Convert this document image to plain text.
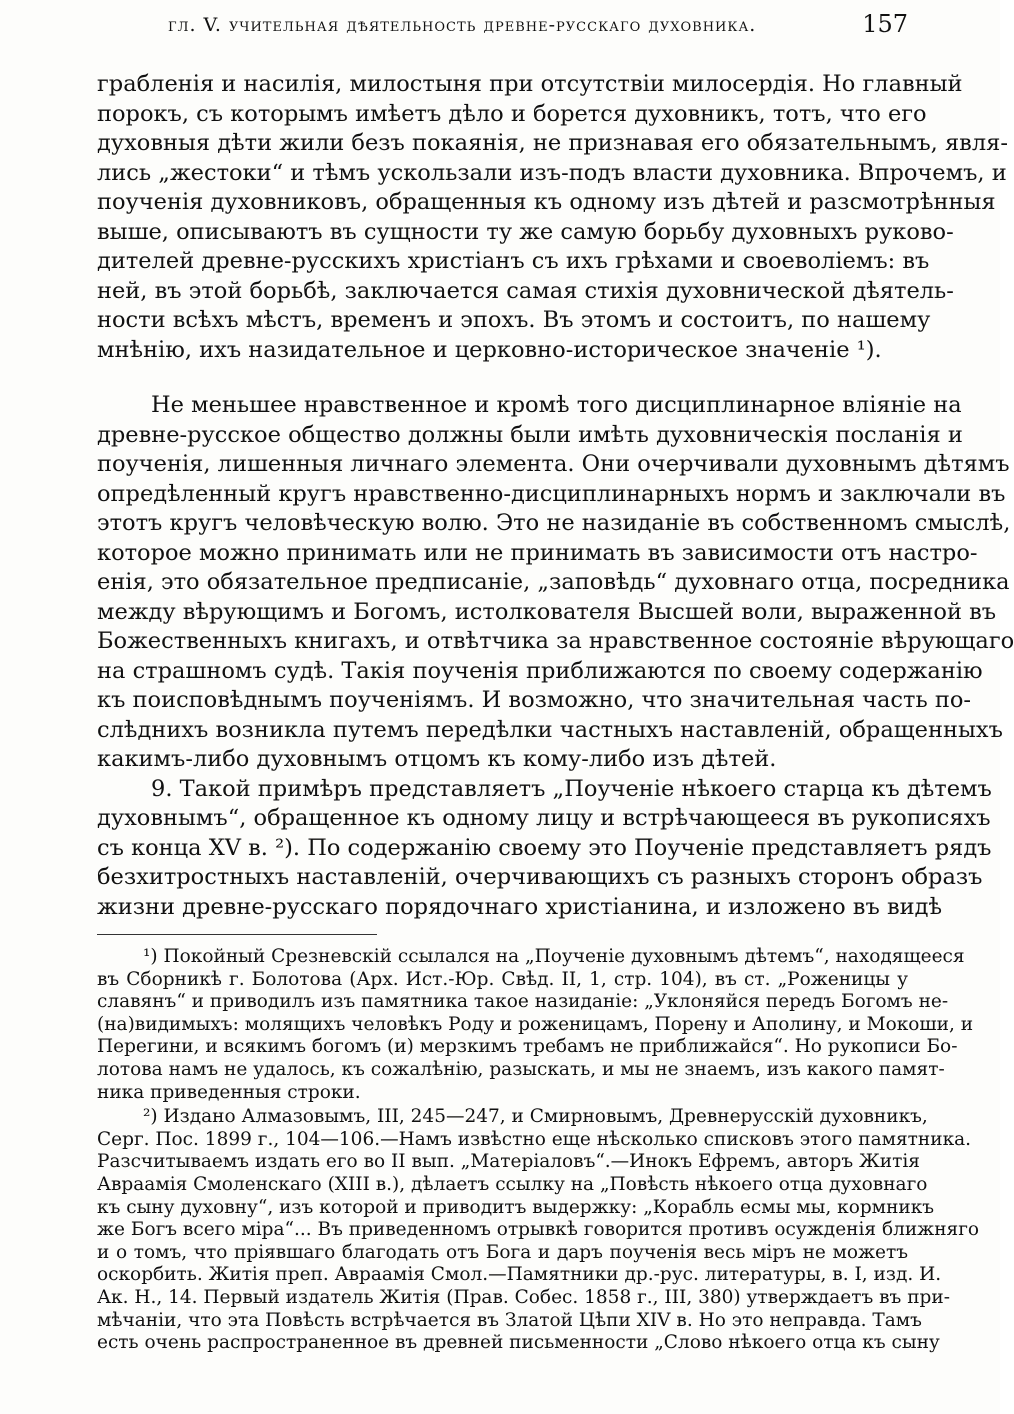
гл. V. учительная дѣятельность древне-русскаго духовника.	157
грабленія и насилія, милостыня при отсутствіи милосердія. Но главный
порокъ, съ которымъ имѣетъ дѣло и борется духовникъ, тотъ, что его
духовныя дѣти жили безъ покаянія, не признавая его обязательнымъ, явля-
лись „жестоки“ и тѣмъ ускользали изъ-подъ власти духовника. Впрочемъ, и
поученія духовниковъ, обращенныя къ одному изъ дѣтей и разсмотрѣнныя
выше, описываютъ въ сущности ту же самую борьбу духовныхъ руково-
дителей древне-русскихъ христіанъ съ ихъ грѣхами и своеволіемъ: въ
ней, въ этой борьбѣ, заключается самая стихія духовнической дѣятель-
ности всѣхъ мѣстъ, временъ и эпохъ. Въ этомъ и состоитъ, по нашему
мнѣнію, ихъ назидательное и церковно-историческое значеніе ¹).
Не меньшее нравственное и кромѣ того дисциплинарное вліяніе на
древне-русское общество должны были имѣть духовническія посланія и
поученія, лишенныя личнаго элемента. Они очерчивали духовнымъ дѣтямъ
опредѣленный кругъ нравственно-дисциплинарныхъ нормъ и заключали въ
этотъ кругъ человѣческую волю. Это не назиданіе въ собственномъ смыслѣ,
которое можно принимать или не принимать въ зависимости отъ настро-
енія, это обязательное предписаніе, „заповѣдь“ духовнаго отца, посредника
между вѣрующимъ и Богомъ, истолкователя Высшей воли, выраженной въ
Божественныхъ книгахъ, и отвѣтчика за нравственное состояніе вѣрующаго
на страшномъ судѣ. Такія поученія приближаются по своему содержанію
къ поисповѣднымъ поученіямъ. И возможно, что значительная часть по-
слѣднихъ возникла путемъ передѣлки частныхъ наставленій, обращенныхъ
какимъ-либо духовнымъ отцомъ къ кому-либо изъ дѣтей.
9. Такой примѣръ представляетъ „Поученіе нѣкоего старца къ дѣтемъ
духовнымъ“, обращенное къ одному лицу и встрѣчающееся въ рукописяхъ
съ конца XV в. ²). По содержанію своему это Поученіе представляетъ рядъ
безхитростныхъ наставленій, очерчивающихъ съ разныхъ сторонъ образъ
жизни древне-русскаго порядочнаго христіанина, и изложено въ видѣ
¹) Покойный Срезневскій ссылался на „Поученіе духовнымъ дѣтемъ“, находящееся
въ Сборникѣ г. Болотова (Арх. Ист.-Юр. Свѣд. II, 1, стр. 104), въ ст. „Роженицы у
славянъ“ и приводилъ изъ памятника такое назиданіе: „Уклоняйся передъ Богомъ не-
(на)видимыхъ: молящихъ человѣкъ Роду и роженицамъ, Порену и Аполину, и Мокоши, и
Перегини, и всякимъ богомъ (и) мерзкимъ требамъ не приближайся“. Но рукописи Бо-
лотова намъ не удалось, къ сожалѣнію, разыскать, и мы не знаемъ, изъ какого памят-
ника приведенныя строки.
²) Издано Алмазовымъ, III, 245—247, и Смирновымъ, Древнерусскій духовникъ,
Серг. Пос. 1899 г., 104—106.—Намъ извѣстно еще нѣсколько списковъ этого памятника.
Разсчитываемъ издать его во II вып. „Матеріаловъ“.—Инокъ Ефремъ, авторъ Житія
Авраамія Смоленскаго (XIII в.), дѣлаетъ ссылку на „Повѣсть нѣкоего отца духовнаго
къ сыну духовну“, изъ которой и приводитъ выдержку: „Корабль есмы мы, кормникъ
же Богъ всего міра“... Въ приведенномъ отрывкѣ говорится противъ осужденія ближняго
и о томъ, что пріявшаго благодать отъ Бога и даръ поученія весь міръ не можетъ
оскорбить. Житія преп. Авраамія Смол.—Памятники др.-рус. литературы, в. I, изд. И.
Ак. Н., 14. Первый издатель Житія (Прав. Собес. 1858 г., III, 380) утверждаетъ въ при-
мѣчаніи, что эта Повѣсть встрѣчается въ Златой Цѣпи XIV в. Но это неправда. Тамъ
есть очень распространенное въ древней письменности „Слово нѣкоего отца къ сыну
